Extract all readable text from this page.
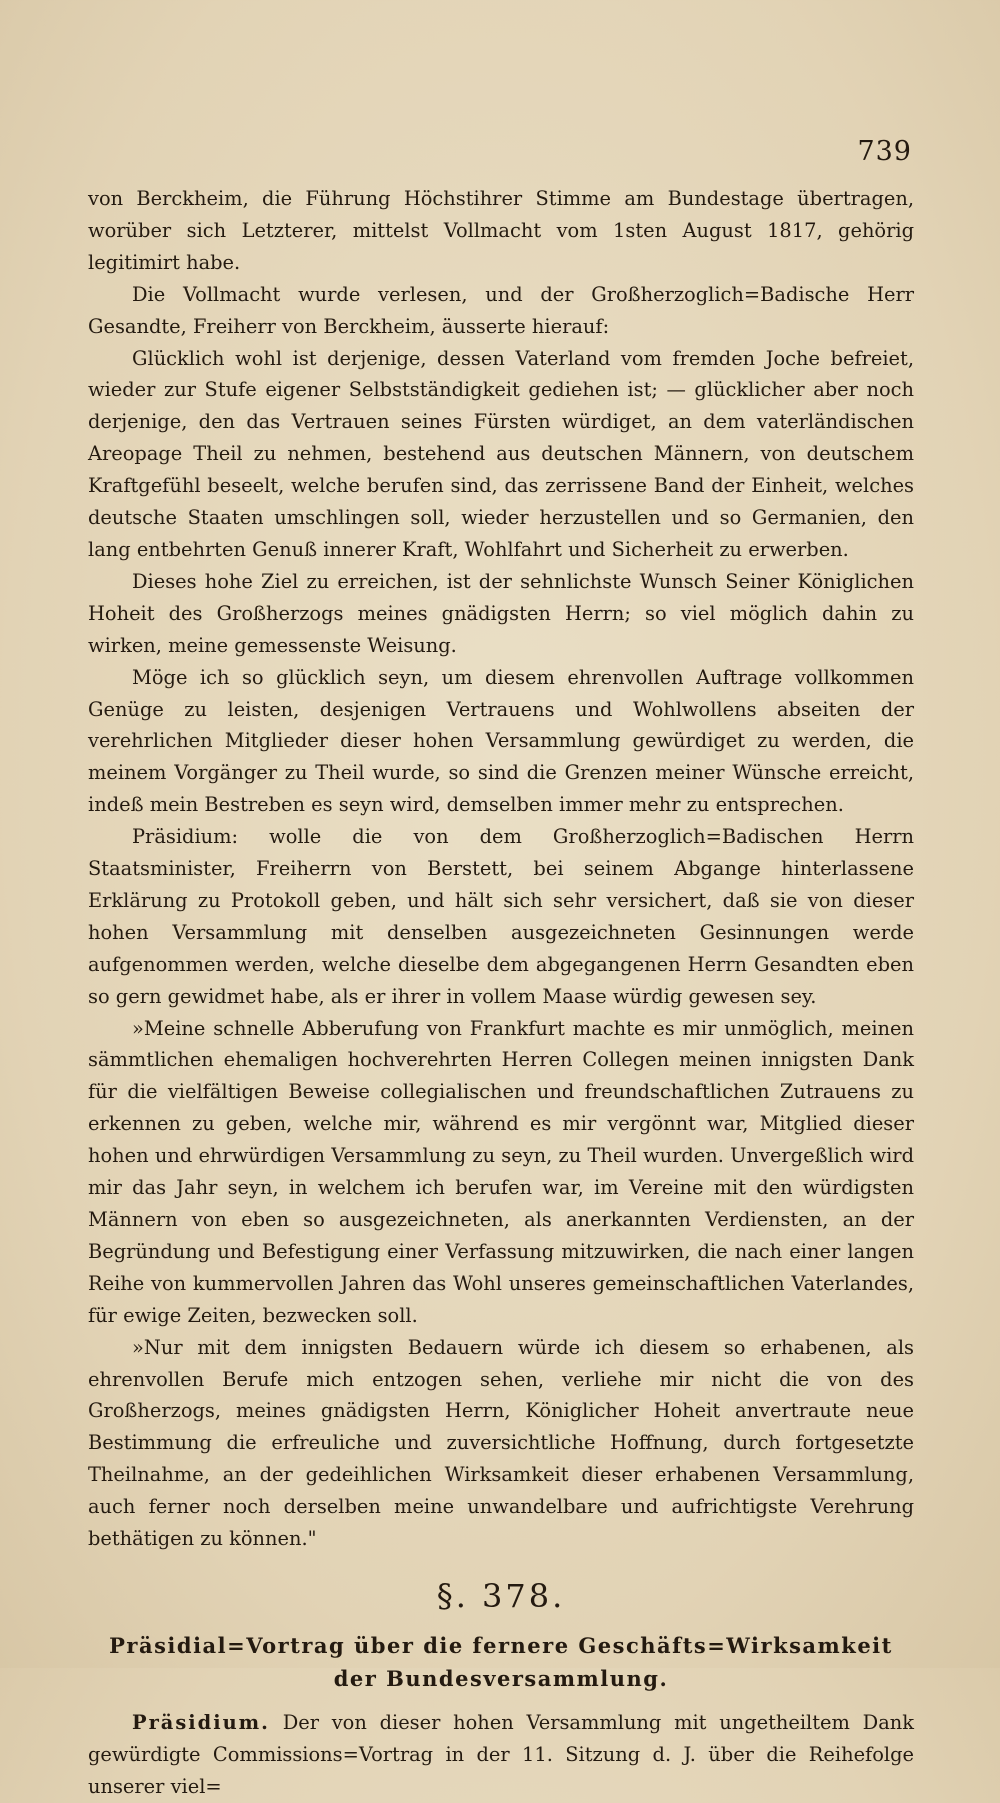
739

von Berckheim, die Führung Höchstihrer Stimme am Bundestage übertragen, worüber sich Letzterer, mittelst Vollmacht vom 1sten August 1817, gehörig legitimirt habe.

Die Vollmacht wurde verlesen, und der Großherzoglich=Badische Herr Gesandte, Freiherr von Berckheim, äusserte hierauf:

Glücklich wohl ist derjenige, dessen Vaterland vom fremden Joche befreiet, wieder zur Stufe eigener Selbstständigkeit gediehen ist; — glücklicher aber noch derjenige, den das Vertrauen seines Fürsten würdiget, an dem vaterländischen Areopage Theil zu nehmen, bestehend aus deutschen Männern, von deutschem Kraftgefühl beseelt, welche berufen sind, das zerrissene Band der Einheit, welches deutsche Staaten umschlingen soll, wieder herzustellen und so Germanien, den lang entbehrten Genuß innerer Kraft, Wohlfahrt und Sicherheit zu erwerben.

Dieses hohe Ziel zu erreichen, ist der sehnlichste Wunsch Seiner Königlichen Hoheit des Großherzogs meines gnädigsten Herrn; so viel möglich dahin zu wirken, meine gemessenste Weisung.

Möge ich so glücklich seyn, um diesem ehrenvollen Auftrage vollkommen Genüge zu leisten, desjenigen Vertrauens und Wohlwollens abseiten der verehrlichen Mitglieder dieser hohen Versammlung gewürdiget zu werden, die meinem Vorgänger zu Theil wurde, so sind die Grenzen meiner Wünsche erreicht, indeß mein Bestreben es seyn wird, demselben immer mehr zu entsprechen.

Präsidium: wolle die von dem Großherzoglich=Badischen Herrn Staatsminister, Freiherrn von Berstett, bei seinem Abgange hinterlassene Erklärung zu Protokoll geben, und hält sich sehr versichert, daß sie von dieser hohen Versammlung mit denselben ausgezeichneten Gesinnungen werde aufgenommen werden, welche dieselbe dem abgegangenen Herrn Gesandten eben so gern gewidmet habe, als er ihrer in vollem Maase würdig gewesen sey.

»Meine schnelle Abberufung von Frankfurt machte es mir unmöglich, meinen sämmtlichen ehemaligen hochverehrten Herren Collegen meinen innigsten Dank für die vielfältigen Beweise collegialischen und freundschaftlichen Zutrauens zu erkennen zu geben, welche mir, während es mir vergönnt war, Mitglied dieser hohen und ehrwürdigen Versammlung zu seyn, zu Theil wurden. Unvergeßlich wird mir das Jahr seyn, in welchem ich berufen war, im Vereine mit den würdigsten Männern von eben so ausgezeichneten, als anerkannten Verdiensten, an der Begründung und Befestigung einer Verfassung mitzuwirken, die nach einer langen Reihe von kummervollen Jahren das Wohl unseres gemeinschaftlichen Vaterlandes, für ewige Zeiten, bezwecken soll.

»Nur mit dem innigsten Bedauern würde ich diesem so erhabenen, als ehrenvollen Berufe mich entzogen sehen, verliehe mir nicht die von des Großherzogs, meines gnädigsten Herrn, Königlicher Hoheit anvertraute neue Bestimmung die erfreuliche und zuversichtliche Hoffnung, durch fortgesetzte Theilnahme, an der gedeihlichen Wirksamkeit dieser erhabenen Versammlung, auch ferner noch derselben meine unwandelbare und aufrichtigste Verehrung bethätigen zu können."

§. 378.
Präsidial=Vortrag über die fernere Geschäfts=Wirksamkeit der Bundesversammlung.

Präsidium. Der von dieser hohen Versammlung mit ungetheiltem Dank gewürdigte Commissions=Vortrag in der 11. Sitzung d. J. über die Reihefolge unserer viel=
